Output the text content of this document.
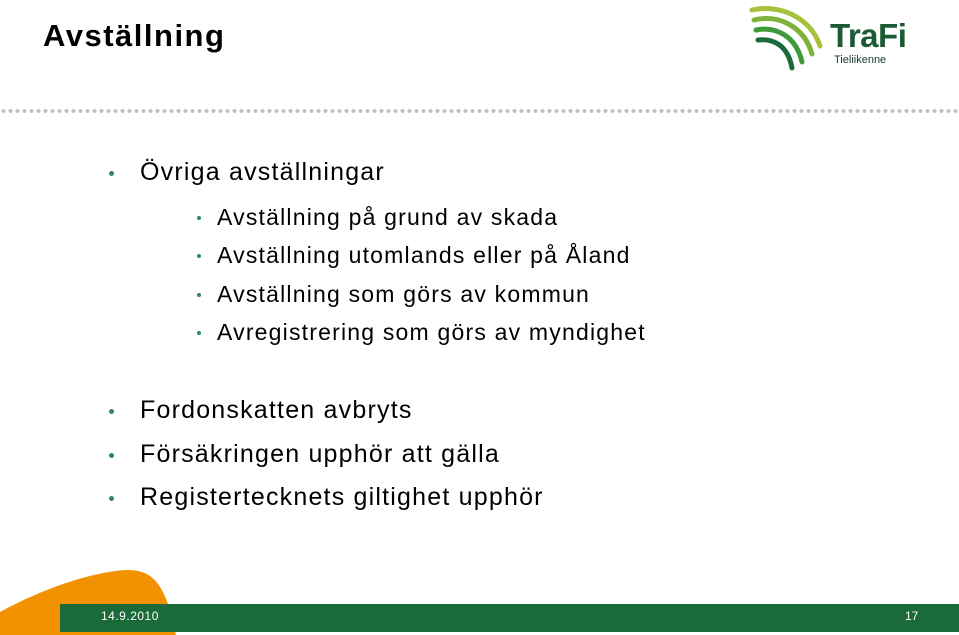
Avställning	TraFi
Tieliikenne
Övriga avställningar
Avställning på grund av skada
Avställning utomlands eller på Åland
Avställning som görs av kommun
Avregistrering som görs av myndighet
Fordonskatten avbryts
Försäkringen upphör att gälla
Registertecknets giltighet upphör
14.9.2010	17
